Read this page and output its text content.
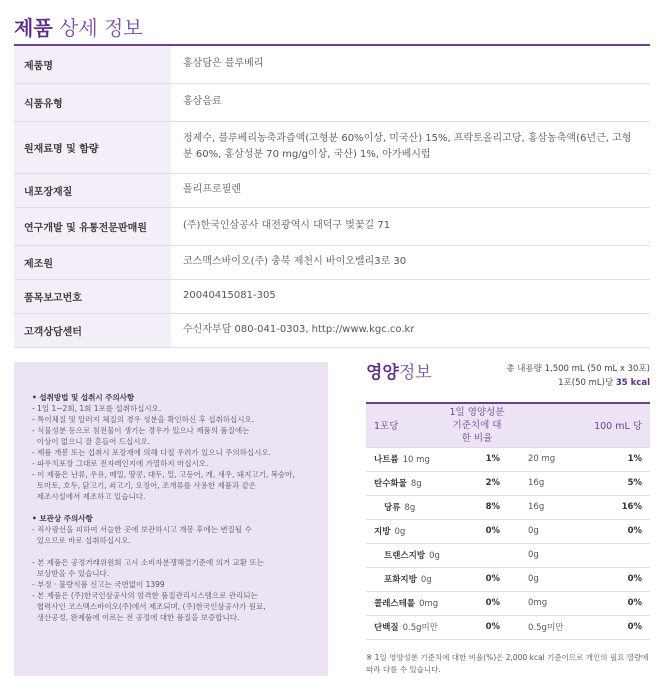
제품 상세 정보
제품명	홍삼담은 블루베리
식품유형	홍삼음료
원재료명 및 함량	정제수, 블루베리농축과즙액(고형분 60%이상, 미국산) 15%, 프락토올리고당, 홍삼농축액(6년근, 고형분 60%, 홍삼성분 70 mg/g이상, 국산) 1%, 아가베시럽
내포장재질	폴리프로필렌
연구개발 및 유통전문판매원	(주)한국인삼공사 대전광역시 대덕구 벚꽃길 71
제조원	코스맥스바이오(주) 충북 제천시 바이오밸리3로 30
품목보고번호	20040415081-305
고객상담센터	수신자부담 080-041-0303, http://www.kgc.co.kr

• 섭취방법 및 섭취시 주의사항

- 1일 1~2회, 1회 1포를 섭취하십시오.

- 특이체질 및 알러지 체질의 경우 성분을 확인하신 후 섭취하십시오.

- 식물성분 등으로 침전물이 생기는 경우가 있으나 제품의 품질에는

이상이 없으니 잘 흔들어 드십시오.

- 제품 개봉 또는 섭취시 포장재에 의해 다칠 우려가 있으니 주의하십시오.

- 파우치포장 그대로 전자레인지에 가열하지 마십시오.

- 이 제품은 난류, 우유, 메밀, 땅콩, 대두, 밀, 고등어, 게, 새우, 돼지고기, 복숭아,

토마토, 호두, 닭고기, 쇠고기, 오징어, 조개류를 사용한 제품과 같은

제조시설에서 제조하고 있습니다.

• 보관상 주의사항

- 직사광선을 피하여 서늘한 곳에 보관하시고 개봉 후에는 변질될 수

있으므로 바로 섭취하십시오.

- 본 제품은 공정거래위원회 고시 소비자분쟁해결기준에 의거 교환 또는

보상받을 수 있습니다.

- 부정 · 불량식품 신고는 국번없이 1399

- 본 제품은 (주)한국인삼공사의 엄격한 품질관리시스템으로 관리되는

협력사인 코스맥스바이오(주)에서 제조되며, (주)한국인삼공사가 원료,

생산공정, 완제품에 이르는 전 공정에 대한 품질을 보증합니다.

영양정보	총 내용량 1,500 mL (50 mL x 30포)
1포(50 mL)당 35 kcal
1포당	1일 영양성분 기준치에 대한 비율		100 mL 당	
나트륨 10 mg	1%		20 mg	1%
탄수화물 8g	2%		16g	5%
당류 8g	8%		16g	16%
지방 0g	0%		0g	0%
트랜스지방 0g			0g	
포화지방 0g	0%		0g	0%
콜레스테롤 0mg	0%		0mg	0%
단백질 0.5g미만	0%		0.5g미만	0%
※ 1일 영양성분 기준치에 대한 비율(%)은 2,000 kcal 기준이므로 개인의 필요 열량에 따라 다를 수 있습니다.
